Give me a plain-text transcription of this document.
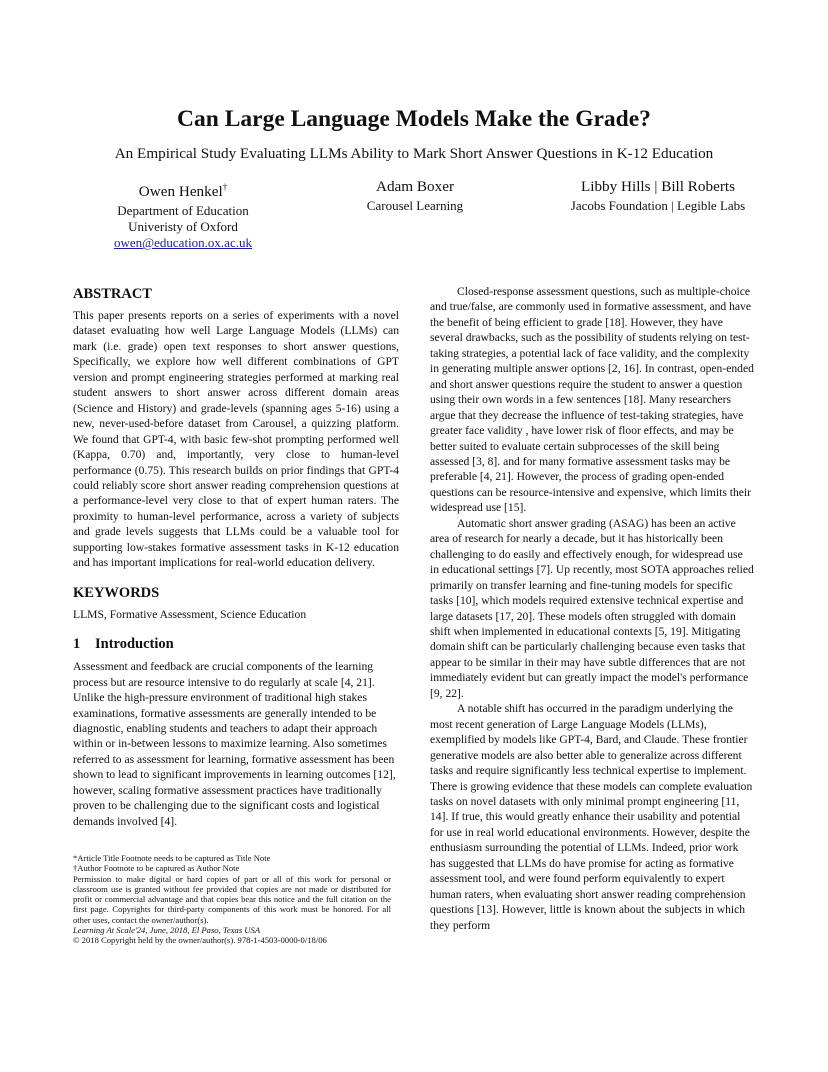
Can Large Language Models Make the Grade?
An Empirical Study Evaluating LLMs Ability to Mark Short Answer Questions in K-12 Education
Owen Henkel†
Department of Education
Univeristy of Oxford
owen@education.ox.ac.uk
Adam Boxer
Carousel Learning
Libby Hills | Bill Roberts
Jacobs Foundation | Legible Labs
ABSTRACT

This paper presents reports on a series of experiments with a novel dataset evaluating how well Large Language Models (LLMs) can mark (i.e. grade) open text responses to short answer questions, Specifically, we explore how well different combinations of GPT version and prompt engineering strategies performed at marking real student answers to short answer across different domain areas (Science and History) and grade-levels (spanning ages 5-16) using a new, never-used-before dataset from Carousel, a quizzing platform. We found that GPT-4, with basic few-shot prompting performed well (Kappa, 0.70) and, importantly, very close to human-level performance (0.75). This research builds on prior findings that GPT-4 could reliably score short answer reading comprehension questions at a performance-level very close to that of expert human raters. The proximity to human-level performance, across a variety of subjects and grade levels suggests that LLMs could be a valuable tool for supporting low-stakes formative assessment tasks in K-12 education and has important implications for real-world education delivery.

KEYWORDS

LLMS, Formative Assessment, Science Education

1 Introduction

Assessment and feedback are crucial components of the learning process but are resource intensive to do regularly at scale [4, 21]. Unlike the high-pressure environment of traditional high stakes examinations, formative assessments are generally intended to be diagnostic, enabling students and teachers to adapt their approach within or in-between lessons to maximize learning. Also sometimes referred to as assessment for learning, formative assessment has been shown to lead to significant improvements in learning outcomes [12], however, scaling formative assessment practices have traditionally proven to be challenging due to the significant costs and logistical demands involved [4].

*Article Title Footnote needs to be captured as Title Note

†Author Footnote to be captured as Author Note

Permission to make digital or hard copies of part or all of this work for personal or classroom use is granted without fee provided that copies are not made or distributed for profit or commercial advantage and that copies bear this notice and the full citation on the first page. Copyrights for third-party components of this work must be honored. For all other uses, contact the owner/author(s).

Learning At Scale'24, June, 2018, El Paso, Texas USA

© 2018 Copyright held by the owner/author(s). 978-1-4503-0000-0/18/06

Closed-response assessment questions, such as multiple-choice and true/false, are commonly used in formative assessment, and have the benefit of being efficient to grade [18]. However, they have several drawbacks, such as the possibility of students relying on test-taking strategies, a potential lack of face validity, and the complexity in generating multiple answer options [2, 16]. In contrast, open-ended and short answer questions require the student to answer a question using their own words in a few sentences [18]. Many researchers argue that they decrease the influence of test-taking strategies, have greater face validity , have lower risk of floor effects, and may be better suited to evaluate certain subprocesses of the skill being assessed [3, 8]. and for many formative assessment tasks may be preferable [4, 21]. However, the process of grading open-ended questions can be resource-intensive and expensive, which limits their widespread use [15].

Automatic short answer grading (ASAG) has been an active area of research for nearly a decade, but it has historically been challenging to do easily and effectively enough, for widespread use in educational settings [7]. Up recently, most SOTA approaches relied primarily on transfer learning and fine-tuning models for specific tasks [10], which models required extensive technical expertise and large datasets [17, 20]. These models often struggled with domain shift when implemented in educational contexts [5, 19]. Mitigating domain shift can be particularly challenging because even tasks that appear to be similar in their may have subtle differences that are not immediately evident but can greatly impact the model's performance [9, 22].

A notable shift has occurred in the paradigm underlying the most recent generation of Large Language Models (LLMs), exemplified by models like GPT-4, Bard, and Claude. These frontier generative models are also better able to generalize across different tasks and require significantly less technical expertise to implement. There is growing evidence that these models can complete evaluation tasks on novel datasets with only minimal prompt engineering [11, 14]. If true, this would greatly enhance their usability and potential for use in real world educational environments. However, despite the enthusiasm surrounding the potential of LLMs. Indeed, prior work has suggested that LLMs do have promise for acting as formative assessment tool, and were found perform equivalently to expert human raters, when evaluating short answer reading comprehension questions [13]. However, little is known about the subjects in which they perform
